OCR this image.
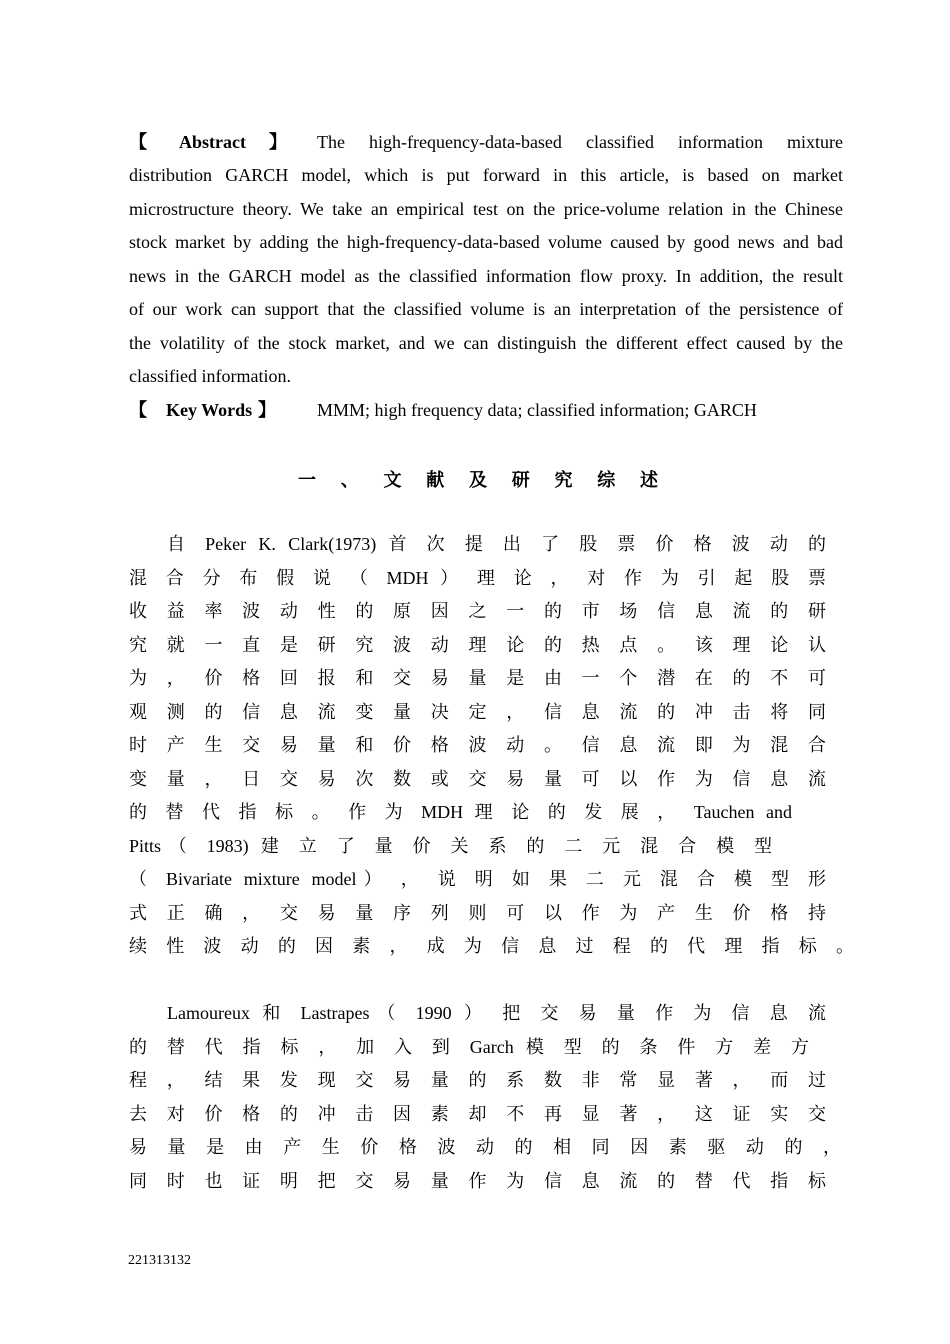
【	Abstract	】	The high-frequency-data-based classified information mixture
distribution GARCH model, which is put forward in this article, is based on market
microstructure theory. We take an empirical test on the price-volume relation in the Chinese
stock market by adding the high-frequency-data-based volume caused by good news and bad
news in the GARCH model as the classified information flow proxy. In addition, the result
of our work can support that the classified volume is an interpretation of the persistence of
the volatility of the stock market, and we can distinguish the different effect caused by the
classified information.
【	Key Words 】	MMM; high frequency data; classified information; GARCH
一 、 文 献 及 研 究 综 述
自 Peker K. Clark(1973) 首 次 提 出 了 股 票 价 格 波 动 的
混 合 分 布 假 说 （ MDH ） 理 论 ， 对 作 为 引 起 股 票
收 益 率 波 动 性 的 原 因 之 一 的 市 场 信 息 流 的 研
究 就 一 直 是 研 究 波 动 理 论 的 热 点 。 该 理 论 认
为 ， 价 格 回 报 和 交 易 量 是 由 一 个 潜 在 的 不 可
观 测 的 信 息 流 变 量 决 定 ， 信 息 流 的 冲 击 将 同
时 产 生 交 易 量 和 价 格 波 动 。 信 息 流 即 为 混 合
变 量 ， 日 交 易 次 数 或 交 易 量 可 以 作 为 信 息 流
的 替 代 指 标 。 作 为 MDH 理 论 的 发 展 ， Tauchen and
Pitts（ 1983) 建 立 了 量 价 关 系 的 二 元 混 合 模 型
（ Bivariate mixture model） ， 说 明 如 果 二 元 混 合 模 型 形
式 正 确 ， 交 易 量 序 列 则 可 以 作 为 产 生 价 格 持
续 性 波 动 的 因 素 ， 成 为 信 息 过 程 的 代 理 指 标 。
Lamoureux 和 Lastrapes（ 1990 ） 把 交 易 量 作 为 信 息 流
的 替 代 指 标 ， 加 入 到 Garch 模 型 的 条 件 方 差 方
程 ， 结 果 发 现 交 易 量 的 系 数 非 常 显 著 ， 而 过
去 对 价 格 的 冲 击 因 素 却 不 再 显 著 ， 这 证 实 交
易 量 是 由 产 生 价 格 波 动 的 相 同 因 素 驱 动 的 ，
同 时 也 证 明 把 交 易 量 作 为 信 息 流 的 替 代 指 标
221313132
